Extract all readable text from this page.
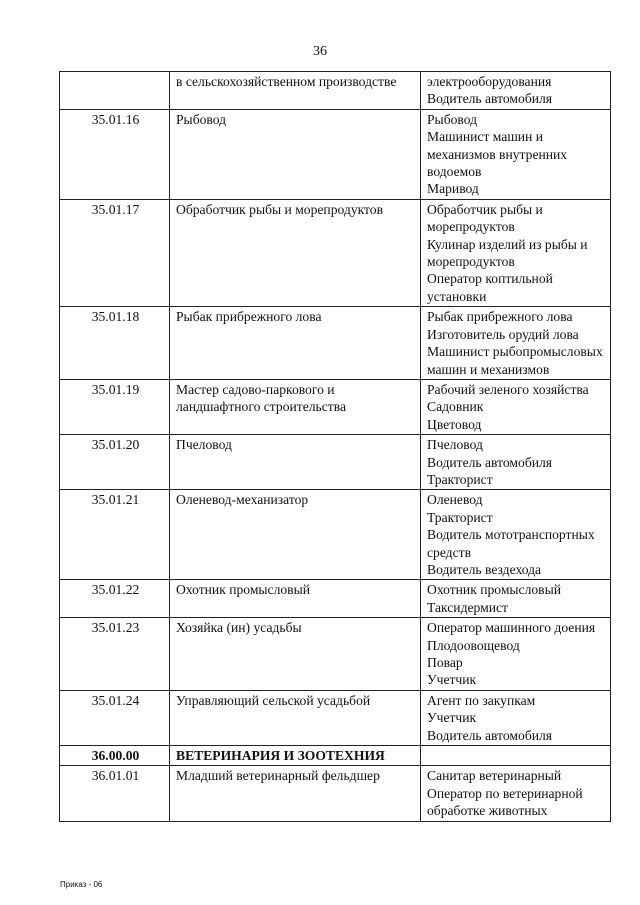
36
	в сельскохозяйственном производстве	электрооборудования
Водитель автомобиля

35.01.16	Рыбовод	Рыбовод
Машинист машин и механизмов внутренних водоемов
Маривод

35.01.17	Обработчик рыбы и морепродуктов	Обработчик рыбы и морепродуктов
Кулинар изделий из рыбы и морепродуктов
Оператор коптильной установки

35.01.18	Рыбак прибрежного лова	Рыбак прибрежного лова
Изготовитель орудий лова
Машинист рыбопромысловых машин и механизмов

35.01.19	Мастер садово-паркового и ландшафтного строительства	Рабочий зеленого хозяйства
Садовник
Цветовод

35.01.20	Пчеловод	Пчеловод
Водитель автомобиля
Тракторист

35.01.21	Оленевод-механизатор	Оленевод
Тракторист
Водитель мототранспортных средств
Водитель вездехода

35.01.22	Охотник промысловый	Охотник промысловый
Таксидермист

35.01.23	Хозяйка (ин) усадьбы	Оператор машинного доения
Плодоовощевод
Повар
Учетчик

35.01.24	Управляющий сельской усадьбой	Агент по закупкам
Учетчик
Водитель автомобиля

36.00.00	ВЕТЕРИНАРИЯ И ЗООТЕХНИЯ	
36.01.01	Младший ветеринарный фельдшер	Санитар ветеринарный
Оператор по ветеринарной обработке животных
Приказ - 06
